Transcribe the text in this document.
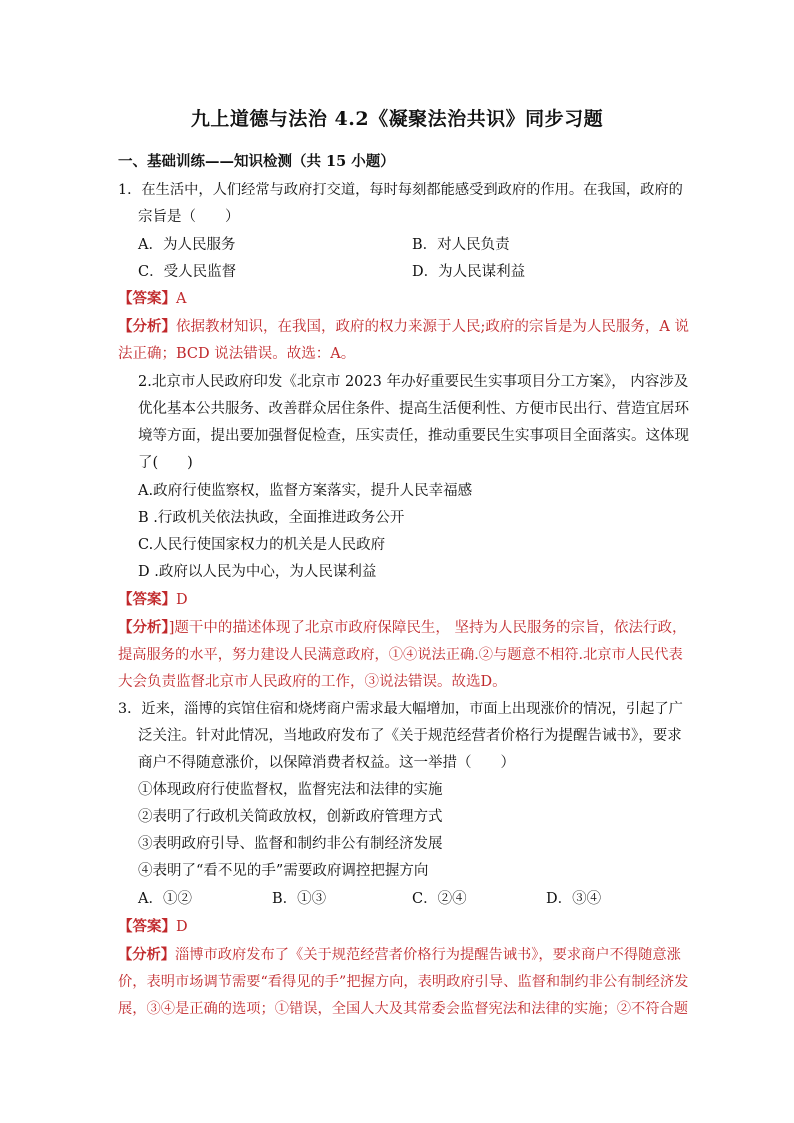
九上道德与法治 4.2《凝聚法治共识》同步习题
一、基础训练——知识检测（共 15 小题）
1．在生活中，人们经常与政府打交道，每时每刻都能感受到政府的作用。在我国，政府的
宗旨是（　　）
A．为人民服务	B．对人民负责
C．受人民监督	D．为人民谋利益
【答案】A
【分析】依据教材知识，在我国，政府的权力来源于人民;政府的宗旨是为人民服务，A 说
法正确；BCD 说法错误。故选：A。
2.北京市人民政府印发《北京市 2023 年办好重要民生实事项目分工方案》， 内容涉及
优化基本公共服务、改善群众居住条件、提高生活便利性、方便市民出行、营造宜居环
境等方面，提出要加强督促检查，压实责任，推动重要民生实事项目全面落实。这体现
了(　　)
A.政府行使监察权，监督方案落实，提升人民幸福感
B .行政机关依法执政，全面推进政务公开
C.人民行使国家权力的机关是人民政府
D .政府以人民为中心，为人民谋利益
【答案】D
【分析】]题干中的描述体现了北京市政府保障民生， 坚持为人民服务的宗旨，依法行政，
提高服务的水平，努力建设人民满意政府，①④说法正确.②与题意不相符.北京市人民代表
大会负责监督北京市人民政府的工作，③说法错误。故选D。
3．近来，淄博的宾馆住宿和烧烤商户需求最大幅增加，市面上出现涨价的情况，引起了广
泛关注。针对此情况，当地政府发布了《关于规范经营者价格行为提醒告诫书》，要求
商户不得随意涨价，以保障消费者权益。这一举措（　　）
①体现政府行使监督权，监督宪法和法律的实施
②表明了行政机关简政放权，创新政府管理方式
③表明政府引导、监督和制约非公有制经济发展
④表明了“看不见的手”需要政府调控把握方向
A．①②	B．①③	C．②④	D．③④
【答案】D
【分析】淄博市政府发布了《关于规范经营者价格行为提醒告诫书》，要求商户不得随意涨
价，表明市场调节需要“看得见的手”把握方向，表明政府引导、监督和制约非公有制经济发
展，③④是正确的选项；①错误，全国人大及其常委会监督宪法和法律的实施；②不符合题
